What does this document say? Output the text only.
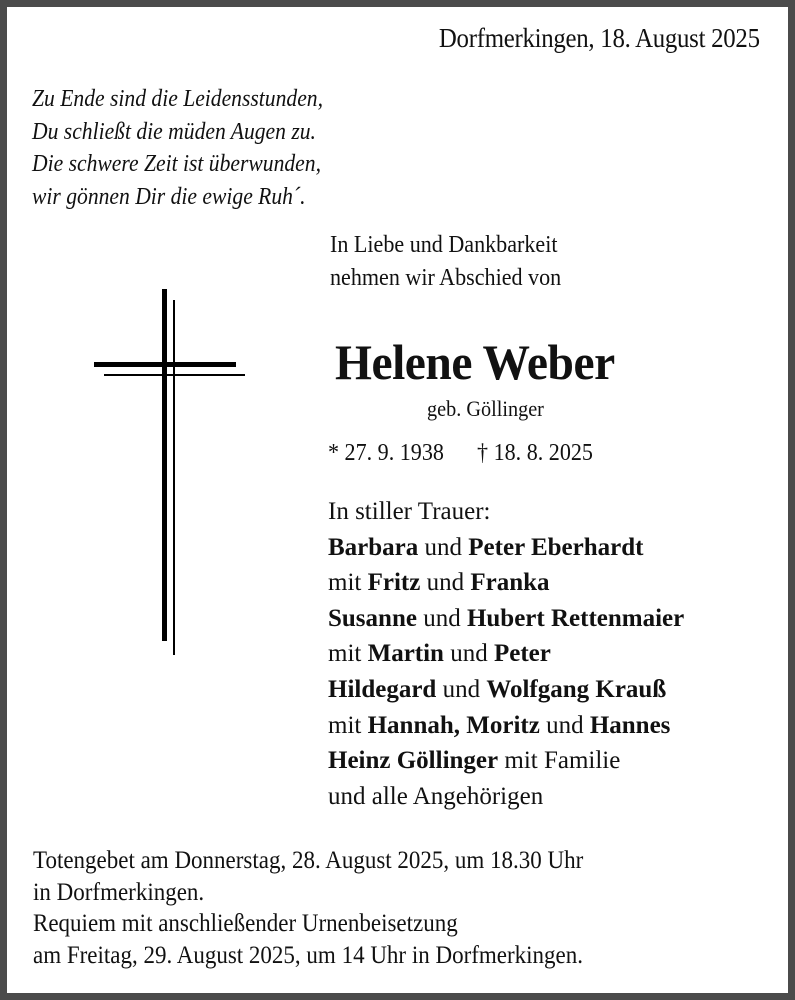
Dorfmerkingen, 18. August 2025
Zu Ende sind die Leidensstunden,
Du schließt die müden Augen zu.
Die schwere Zeit ist überwunden,
wir gönnen Dir die ewige Ruh´.
In Liebe und Dankbarkeit
nehmen wir Abschied von
Helene Weber
geb. Göllinger
* 27. 9. 1938 † 18. 8. 2025
In stiller Trauer:
Barbara und Peter Eberhardt
mit Fritz und Franka
Susanne und Hubert Rettenmaier
mit Martin und Peter
Hildegard und Wolfgang Krauß
mit Hannah, Moritz und Hannes
Heinz Göllinger mit Familie
und alle Angehörigen
Totengebet am Donnerstag, 28. August 2025, um 18.30 Uhr
in Dorfmerkingen.
Requiem mit anschließender Urnenbeisetzung
am Freitag, 29. August 2025, um 14 Uhr in Dorfmerkingen.
